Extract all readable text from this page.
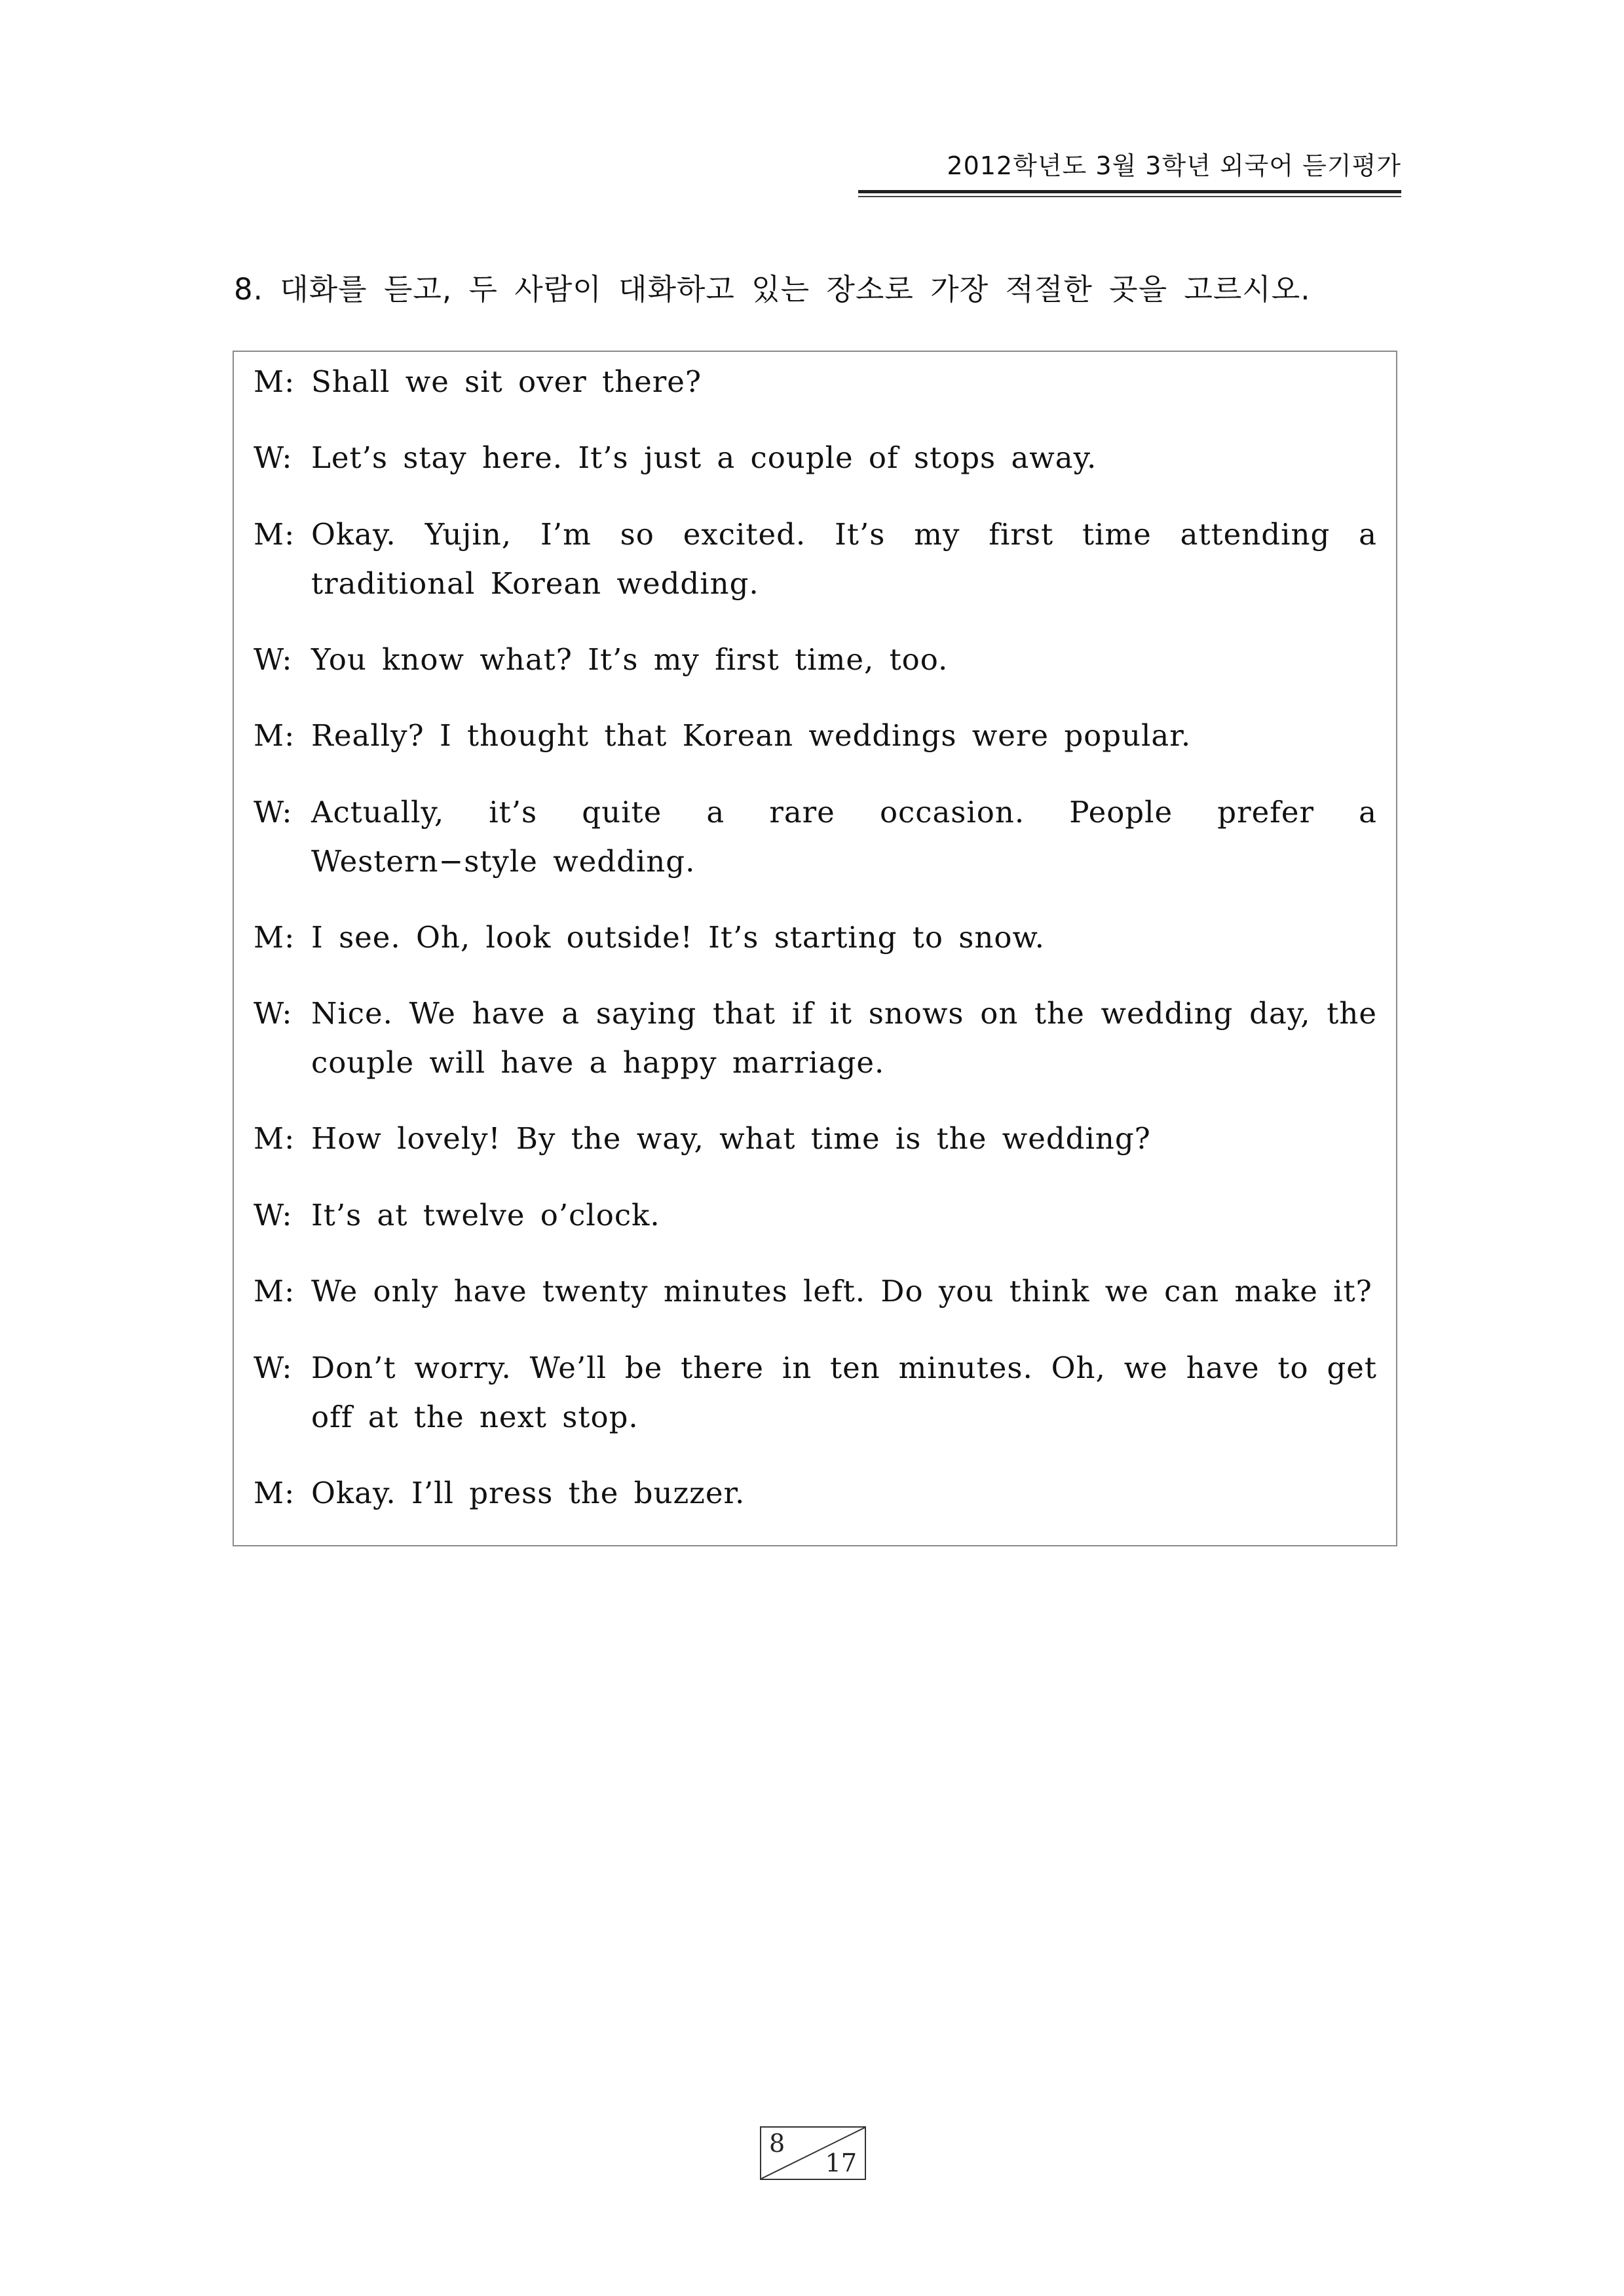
2012학년도 3월 3학년 외국어 듣기평가
8. 대화를 듣고, 두 사람이 대화하고 있는 장소로 가장 적절한 곳을 고르시오.
M: Shall we sit over there?
W: Let’s stay here. It’s just a couple of stops away.
M: Okay. Yujin, I’m so excited. It’s my first time attending a traditional Korean wedding.
W: You know what? It’s my first time, too.
M: Really? I thought that Korean weddings were popular.
W: Actually, it’s quite a rare occasion. People prefer a Western−style wedding.
M: I see. Oh, look outside! It’s starting to snow.
W: Nice. We have a saying that if it snows on the wedding day, the couple will have a happy marriage.
M: How lovely! By the way, what time is the wedding?
W: It’s at twelve o’clock.
M: We only have twenty minutes left. Do you think we can make it?
W: Don’t worry. We’ll be there in ten minutes. Oh, we have to get off at the next stop.
M: Okay. I’ll press the buzzer.
8
17
